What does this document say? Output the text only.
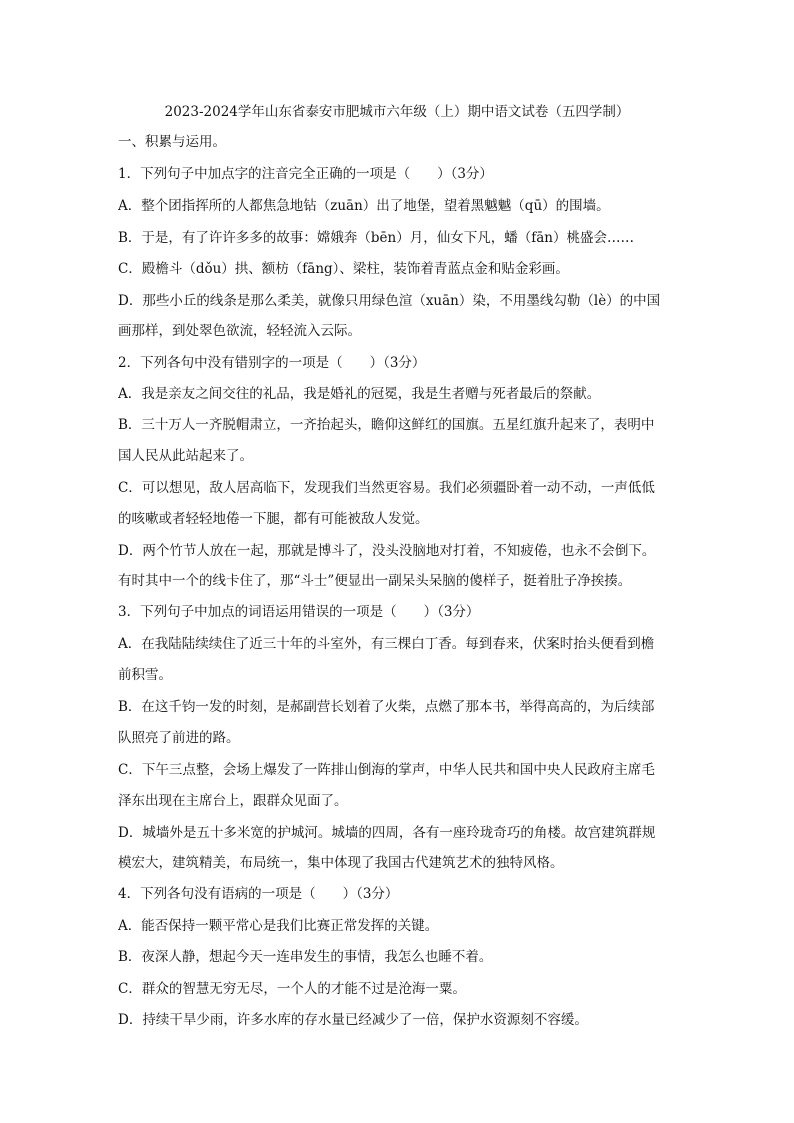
2023-2024学年山东省泰安市肥城市六年级（上）期中语文试卷（五四学制）
一、积累与运用。
1．下列句子中加点字的注音完全正确的一项是（　　）（3分）
A．整个团指挥所的人都焦急地钻（zuān）出了地堡，望着黑魆魆（qū）的围墙。
B．于是，有了许许多多的故事：嫦娥奔（bēn）月，仙女下凡，蟠（fān）桃盛会……
C．殿檐斗（dǒu）拱、额枋（fāng）、梁柱，装饰着青蓝点金和贴金彩画。
D．那些小丘的线条是那么柔美，就像只用绿色渲（xuān）染，不用墨线勾勒（lè）的中国
画那样，到处翠色欲流，轻轻流入云际。
2．下列各句中没有错别字的一项是（　　）（3分）
A．我是亲友之间交往的礼品，我是婚礼的冠冕，我是生者赠与死者最后的祭献。
B．三十万人一齐脱帽肃立，一齐抬起头，瞻仰这鲜红的国旗。五星红旗升起来了，表明中
国人民从此站起来了。
C．可以想见，敌人居高临下，发现我们当然更容易。我们必须疆卧着一动不动，一声低低
的咳嗽或者轻轻地倦一下腿，都有可能被敌人发觉。
D．两个竹节人放在一起，那就是博斗了，没头没脑地对打着，不知疲倦，也永不会倒下。
有时其中一个的线卡住了，那“斗士”便显出一副呆头呆脑的傻样子，挺着肚子净挨揍。
3．下列句子中加点的词语运用错误的一项是（　　）（3分）
A．在我陆陆续续住了近三十年的斗室外，有三棵白丁香。每到春来，伏案时抬头便看到檐
前积雪。
B．在这千钧一发的时刻，是郝副营长划着了火柴，点燃了那本书，举得高高的，为后续部
队照亮了前进的路。
C．下午三点整，会场上爆发了一阵排山倒海的掌声，中华人民共和国中央人民政府主席毛
泽东出现在主席台上，跟群众见面了。
D．城墙外是五十多米宽的护城河。城墙的四周，各有一座玲珑奇巧的角楼。故宫建筑群规
模宏大，建筑精美，布局统一，集中体现了我国古代建筑艺术的独特风格。
4．下列各句没有语病的一项是（　　）（3分）
A．能否保持一颗平常心是我们比赛正常发挥的关键。
B．夜深人静，想起今天一连串发生的事情，我怎么也睡不着。
C．群众的智慧无穷无尽，一个人的才能不过是沧海一粟。
D．持续干旱少雨，许多水库的存水量已经减少了一倍，保护水资源刻不容缓。
